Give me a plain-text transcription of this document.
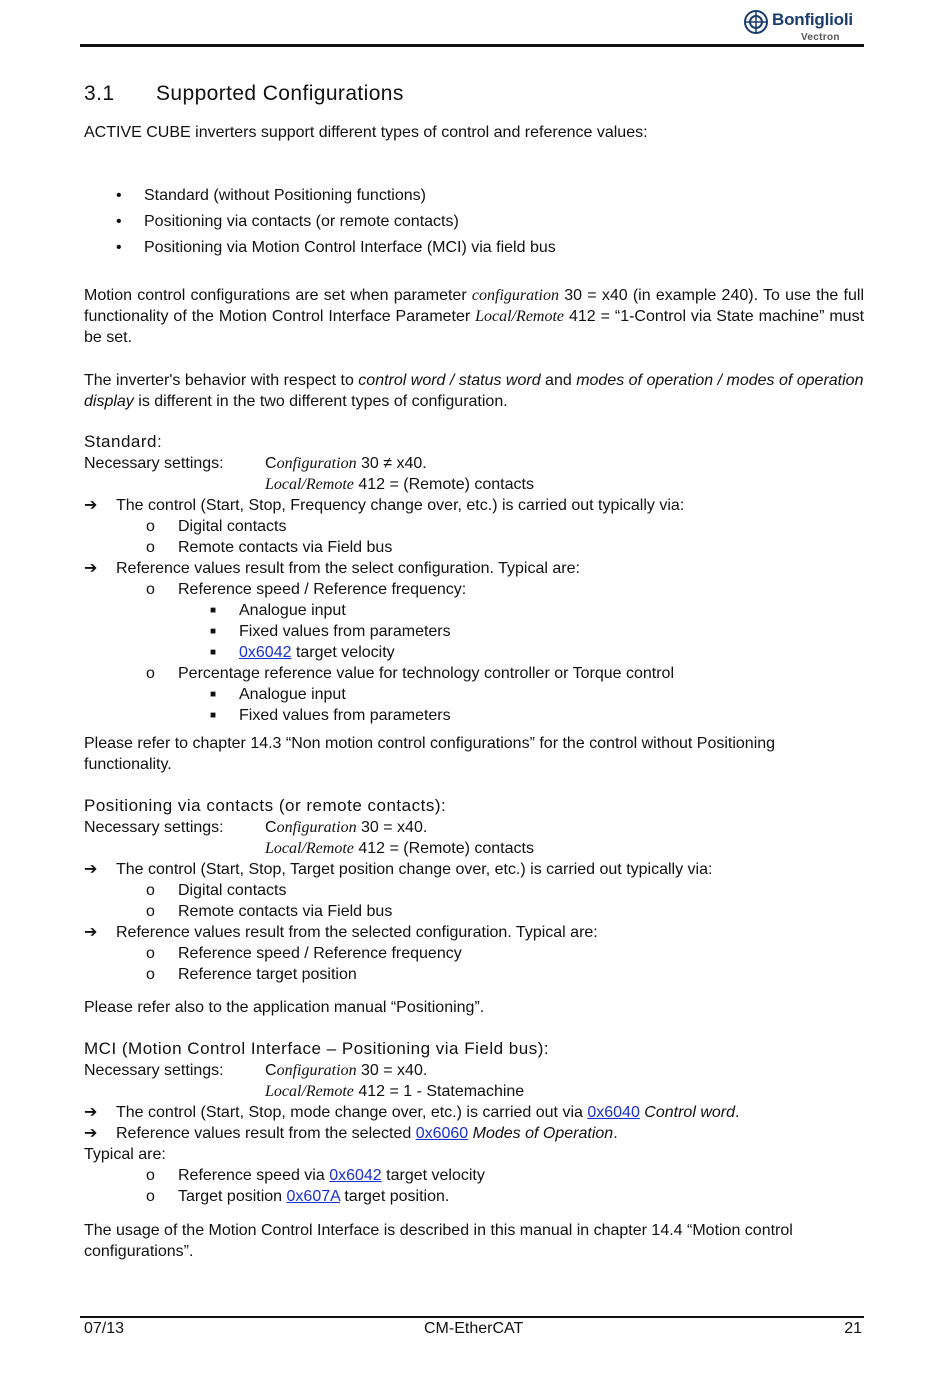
Bonfiglioli
Vectron
3.1 Supported Configurations
ACTIVE CUBE inverters support different types of control and reference values:
• Standard (without Positioning functions)
• Positioning via contacts (or remote contacts)
• Positioning via Motion Control Interface (MCI) via field bus
Motion control configurations are set when parameter configuration 30 = x40 (in example 240). To use the full functionality of the Motion Control Interface Parameter Local/Remote 412 = “1-Control via State machine” must be set.
The inverter's behavior with respect to control word / status word and modes of operation / modes of operation display is different in the two different types of configuration.
Standard:
Necessary settings:	Configuration 30 ≠ x40.
Local/Remote 412 = (Remote) contacts
➔	The control (Start, Stop, Frequency change over, etc.) is carried out typically via:
o Digital contacts
o Remote contacts via Field bus
➔	Reference values result from the select configuration. Typical are:
o Reference speed / Reference frequency:
■ Analogue input
■ Fixed values from parameters
■ 0x6042 target velocity
o Percentage reference value for technology controller or Torque control
■ Analogue input
■ Fixed values from parameters
Please refer to chapter 14.3 “Non motion control configurations” for the control without Positioning functionality.
Positioning via contacts (or remote contacts):
Necessary settings:	Configuration 30 = x40.
Local/Remote 412 = (Remote) contacts
➔	The control (Start, Stop, Target position change over, etc.) is carried out typically via:
o Digital contacts
o Remote contacts via Field bus
➔	Reference values result from the selected configuration. Typical are:
o Reference speed / Reference frequency
o Reference target position
Please refer also to the application manual “Positioning”.
MCI (Motion Control Interface – Positioning via Field bus):
Necessary settings:	Configuration 30 = x40.
Local/Remote 412 = 1 - Statemachine
➔	The control (Start, Stop, mode change over, etc.) is carried out via 0x6040 Control word.
➔	Reference values result from the selected 0x6060 Modes of Operation.
Typical are:
o Reference speed via 0x6042 target velocity
o Target position 0x607A target position.
The usage of the Motion Control Interface is described in this manual in chapter 14.4 “Motion control configurations”.
07/13	CM-EtherCAT	21
